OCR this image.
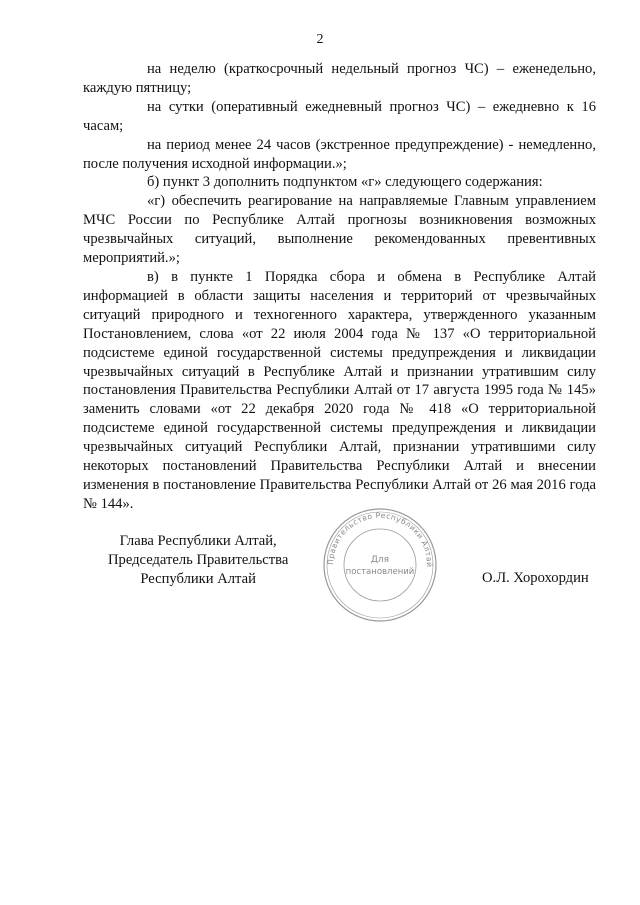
2

на неделю (краткосрочный недельный прогноз ЧС) – еженедельно, каждую пятницу;

на сутки (оперативный ежедневный прогноз ЧС) – ежедневно к 16 часам;

на период менее 24 часов (экстренное предупреждение) - немедленно, после получения исходной информации.»;

б) пункт 3 дополнить подпунктом «г» следующего содержания:

«г) обеспечить реагирование на направляемые Главным управлением МЧС России по Республике Алтай прогнозы возникновения возможных чрезвычайных ситуаций, выполнение рекомендованных превентивных мероприятий.»;

в) в пункте 1 Порядка сбора и обмена в Республике Алтай информацией в области защиты населения и территорий от чрезвычайных ситуаций природного и техногенного характера, утвержденного указанным Постановлением, слова «от 22 июля 2004 года № 137 «О территориальной подсистеме единой государственной системы предупреждения и ликвидации чрезвычайных ситуаций в Республике Алтай и признании утратившим силу постановления Правительства Республики Алтай от 17 августа 1995 года № 145» заменить словами «от 22 декабря 2020 года № 418 «О территориальной подсистеме единой государственной системы предупреждения и ликвидации чрезвычайных ситуаций Республики Алтай, признании утратившими силу некоторых постановлений Правительства Республики Алтай и внесении изменения в постановление Правительства Республики Алтай от 26 мая 2016 года № 144».

Глава Республики Алтай,
Председатель Правительства
Республики Алтай
Правительство Республики Алтай
Для
постановлений	О.Л. Хорохордин
